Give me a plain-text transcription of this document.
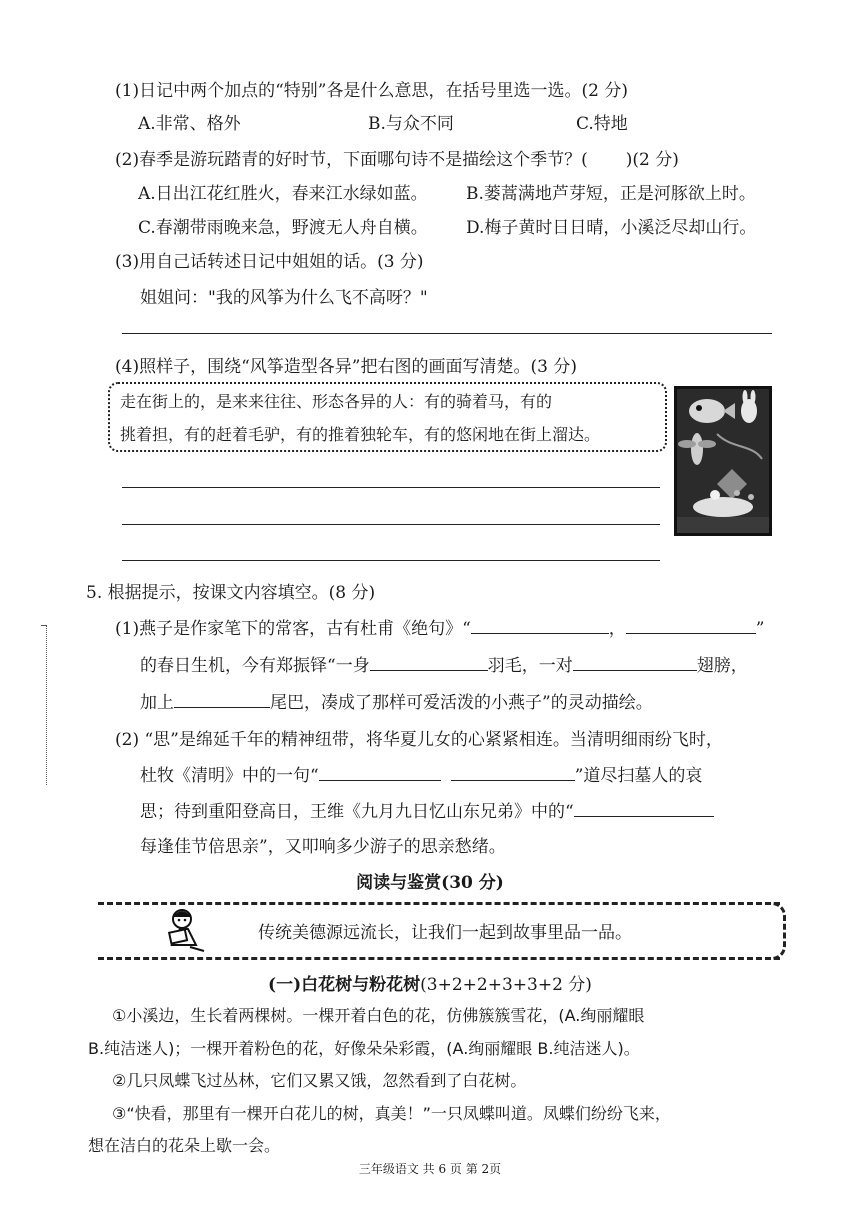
(1)日记中两个加点的“特别”各是什么意思，在括号里选一选。(2 分)
A.非常、格外	B.与众不同	C.特地
(2)春季是游玩踏青的好时节，下面哪句诗不是描绘这个季节？( )(2 分)
A.日出江花红胜火，春来江水绿如蓝。 B.蒌蒿满地芦芽短，正是河豚欲上时。
C.春潮带雨晚来急，野渡无人舟自横。 D.梅子黄时日日晴，小溪泛尽却山行。
(3)用自己话转述日记中姐姐的话。(3 分)
姐姐问："我的风筝为什么飞不高呀？"
(4)照样子，围绕“风筝造型各异”把右图的画面写清楚。(3 分)
走在街上的，是来来往往、形态各异的人：有的骑着马，有的
挑着担，有的赶着毛驴，有的推着独轮车，有的悠闲地在街上溜达。
5. 根据提示，按课文内容填空。(8 分)
(1)燕子是作家笔下的常客，古有杜甫《绝句》“	，	”
的春日生机，今有郑振铎“一身	羽毛，一对	翅膀，
加上	尾巴，凑成了那样可爱活泼的小燕子”的灵动描绘。
(2) “思”是绵延千年的精神纽带，将华夏儿女的心紧紧相连。当清明细雨纷飞时，
杜牧《清明》中的一句“	”道尽扫墓人的哀
思；待到重阳登高日，王维《九月九日忆山东兄弟》中的“
每逢佳节倍思亲”，又叩响多少游子的思亲愁绪。
阅读与鉴赏(30 分)
传统美德源远流长，让我们一起到故事里品一品。
(一)白花树与粉花树(3+2+2+3+3+2 分)
①小溪边，生长着两棵树。一棵开着白色的花，仿佛簇簇雪花，(A.绚丽耀眼
B.纯洁迷人)；一棵开着粉色的花，好像朵朵彩霞，(A.绚丽耀眼 B.纯洁迷人)。
②几只凤蝶飞过丛林，它们又累又饿，忽然看到了白花树。
③“快看，那里有一棵开白花儿的树，真美！”一只凤蝶叫道。凤蝶们纷纷飞来，
想在洁白的花朵上歇一会。
三年级语文 共 6 页 第 2页
